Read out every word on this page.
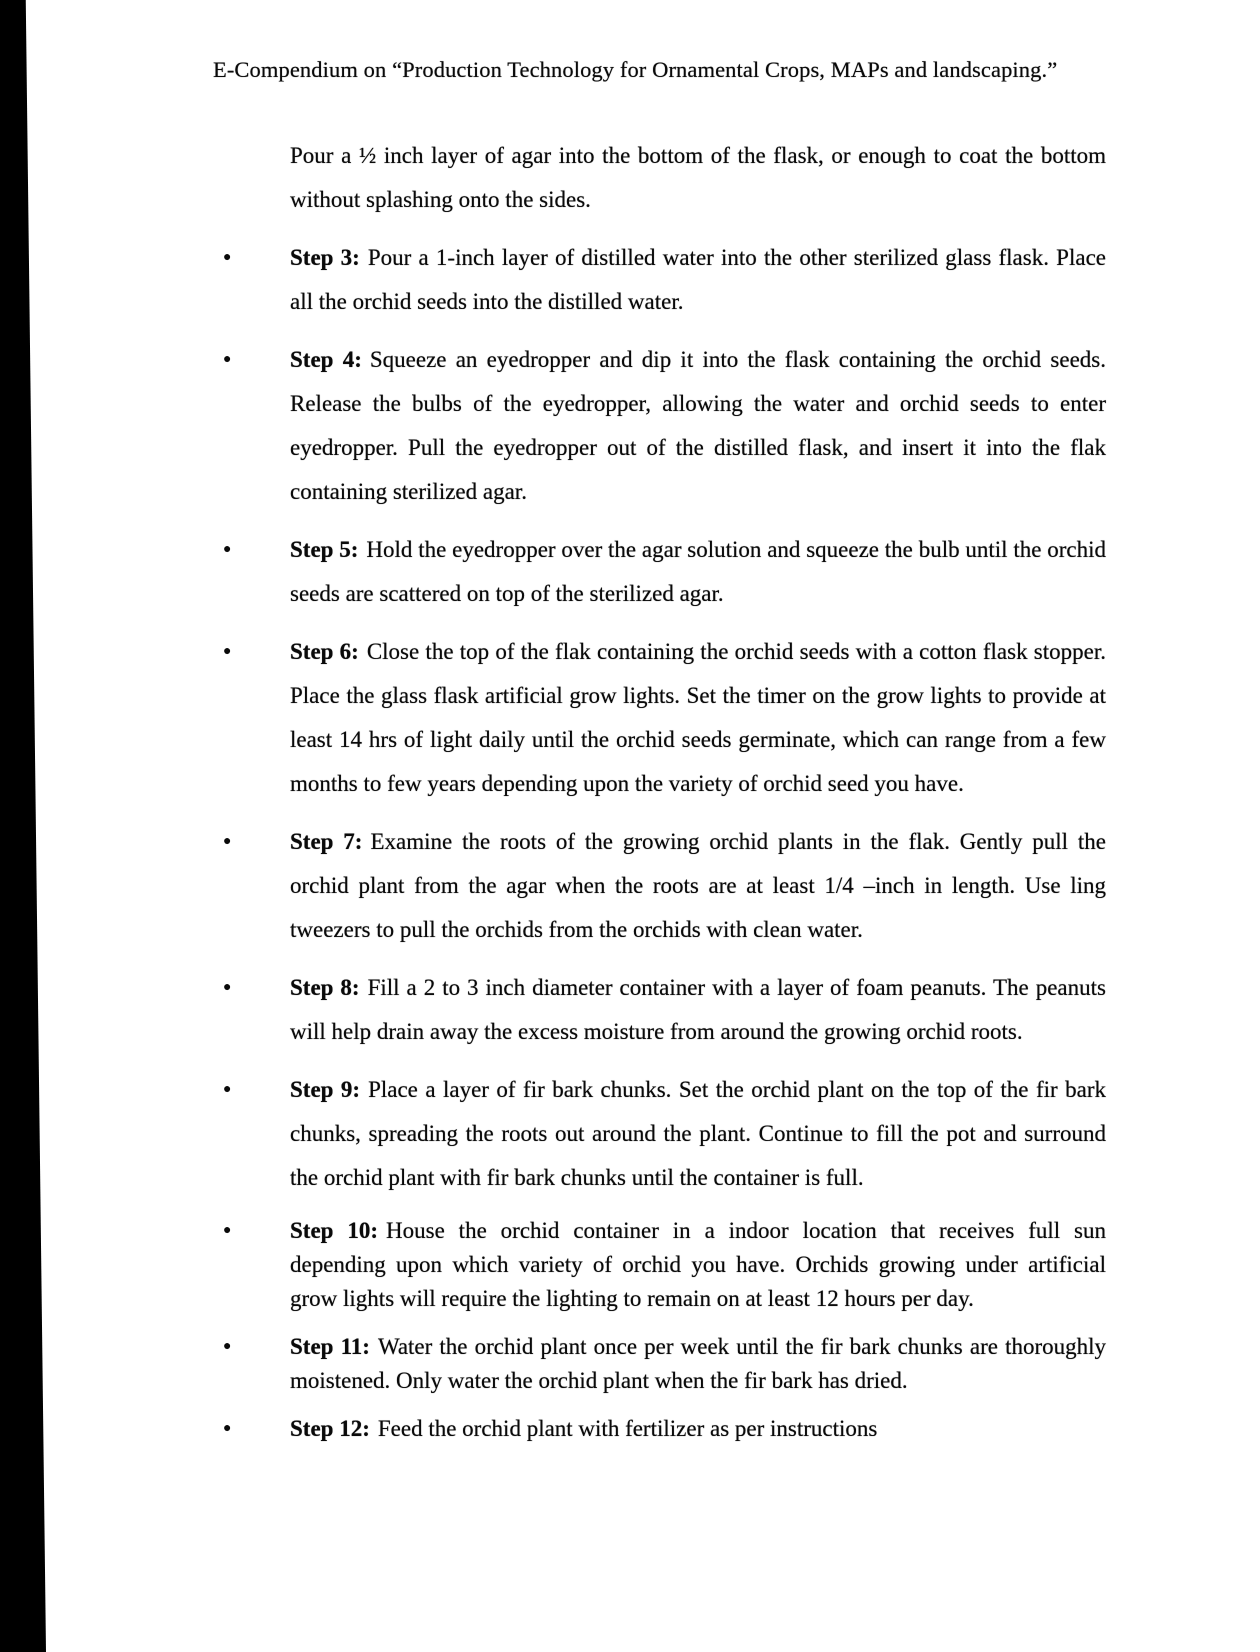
E-Compendium on “Production Technology for Ornamental Crops, MAPs and landscaping.”

Pour a ½ inch layer of agar into the bottom of the flask, or enough to coat the bottom without splashing onto the sides.

●	Step 3: Pour a 1-inch layer of distilled water into the other sterilized glass flask. Place all the orchid seeds into the distilled water.

●	Step 4: Squeeze an eyedropper and dip it into the flask containing the orchid seeds. Release the bulbs of the eyedropper, allowing the water and orchid seeds to enter eyedropper. Pull the eyedropper out of the distilled flask, and insert it into the flak containing sterilized agar.

●	Step 5: Hold the eyedropper over the agar solution and squeeze the bulb until the orchid seeds are scattered on top of the sterilized agar.

●	Step 6: Close the top of the flak containing the orchid seeds with a cotton flask stopper. Place the glass flask artificial grow lights. Set the timer on the grow lights to provide at least 14 hrs of light daily until the orchid seeds germinate, which can range from a few months to few years depending upon the variety of orchid seed you have.

●	Step 7: Examine the roots of the growing orchid plants in the flak. Gently pull the orchid plant from the agar when the roots are at least 1/4 –inch in length. Use ling tweezers to pull the orchids from the orchids with clean water.

●	Step 8: Fill a 2 to 3 inch diameter container with a layer of foam peanuts. The peanuts will help drain away the excess moisture from around the growing orchid roots.

●	Step 9: Place a layer of fir bark chunks. Set the orchid plant on the top of the fir bark chunks, spreading the roots out around the plant. Continue to fill the pot and surround the orchid plant with fir bark chunks until the container is full.

●	Step 10: House the orchid container in a indoor location that receives full sun depending upon which variety of orchid you have. Orchids growing under artificial grow lights will require the lighting to remain on at least 12 hours per day.

●	Step 11: Water the orchid plant once per week until the fir bark chunks are thoroughly moistened. Only water the orchid plant when the fir bark has dried.

●	Step 12: Feed the orchid plant with fertilizer as per instructions
